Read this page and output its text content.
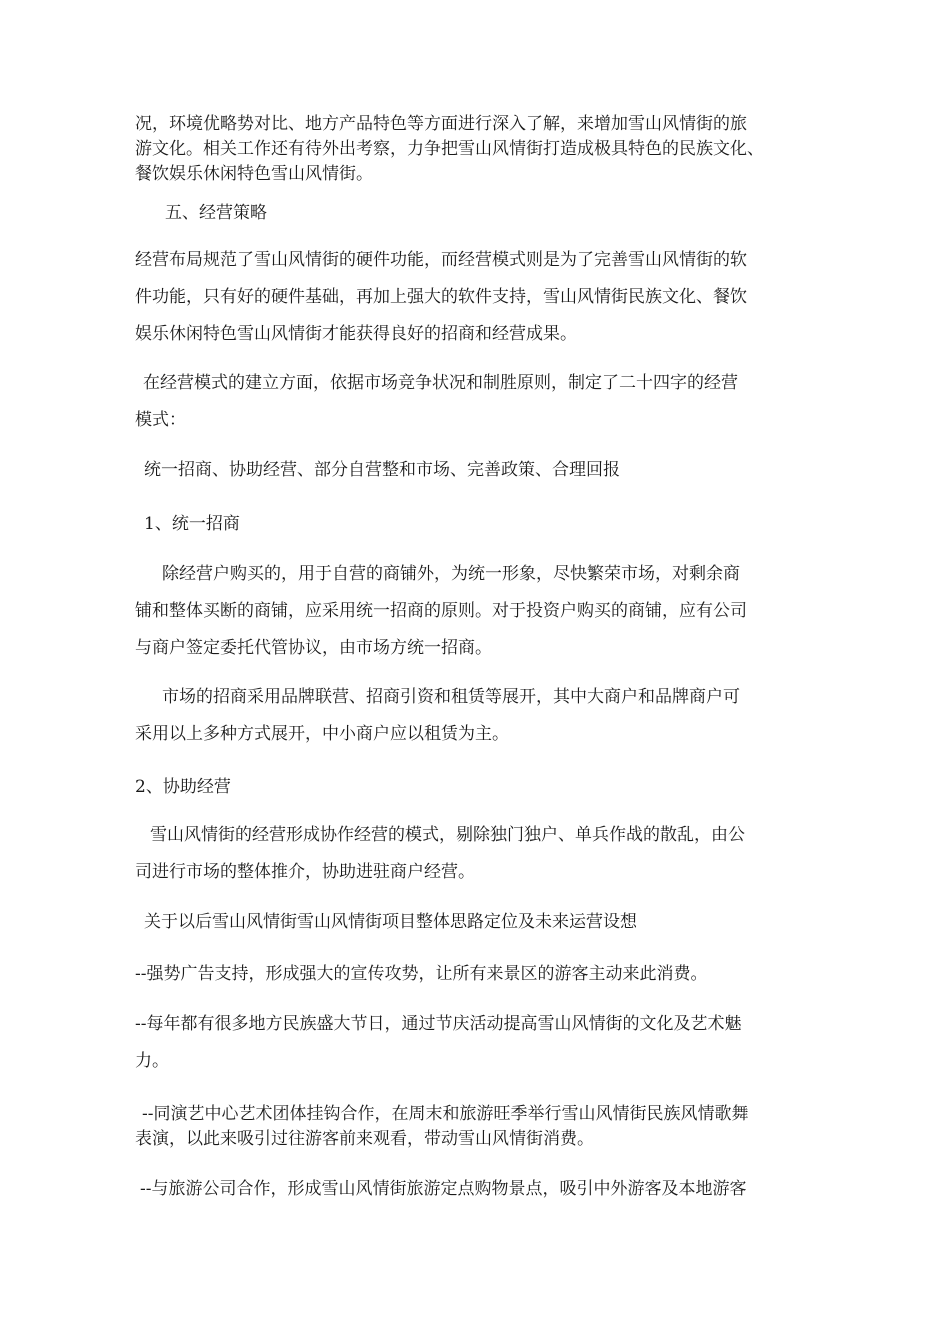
况，环境优略势对比、地方产品特色等方面进行深入了解，来增加雪山风情街的旅
游文化。相关工作还有待外出考察，力争把雪山风情街打造成极具特色的民族文化、
餐饮娱乐休闲特色雪山风情街。
五、经营策略
经营布局规范了雪山风情街的硬件功能，而经营模式则是为了完善雪山风情街的软
件功能，只有好的硬件基础，再加上强大的软件支持，雪山风情街民族文化、餐饮
娱乐休闲特色雪山风情街才能获得良好的招商和经营成果。
在经营模式的建立方面，依据市场竞争状况和制胜原则，制定了二十四字的经营
模式：
统一招商、协助经营、部分自营整和市场、完善政策、合理回报
1、统一招商
除经营户购买的，用于自营的商铺外，为统一形象，尽快繁荣市场，对剩余商
铺和整体买断的商铺，应采用统一招商的原则。对于投资户购买的商铺，应有公司
与商户签定委托代管协议，由市场方统一招商。
市场的招商采用品牌联营、招商引资和租赁等展开，其中大商户和品牌商户可
采用以上多种方式展开，中小商户应以租赁为主。
2、协助经营
雪山风情街的经营形成协作经营的模式，剔除独门独户、单兵作战的散乱，由公
司进行市场的整体推介，协助进驻商户经营。
关于以后雪山风情街雪山风情街项目整体思路定位及未来运营设想
--强势广告支持，形成强大的宣传攻势，让所有来景区的游客主动来此消费。
--每年都有很多地方民族盛大节日，通过节庆活动提高雪山风情街的文化及艺术魅
力。
--同演艺中心艺术团体挂钩合作，在周末和旅游旺季举行雪山风情街民族风情歌舞
表演，以此来吸引过往游客前来观看，带动雪山风情街消费。
--与旅游公司合作，形成雪山风情街旅游定点购物景点，吸引中外游客及本地游客
